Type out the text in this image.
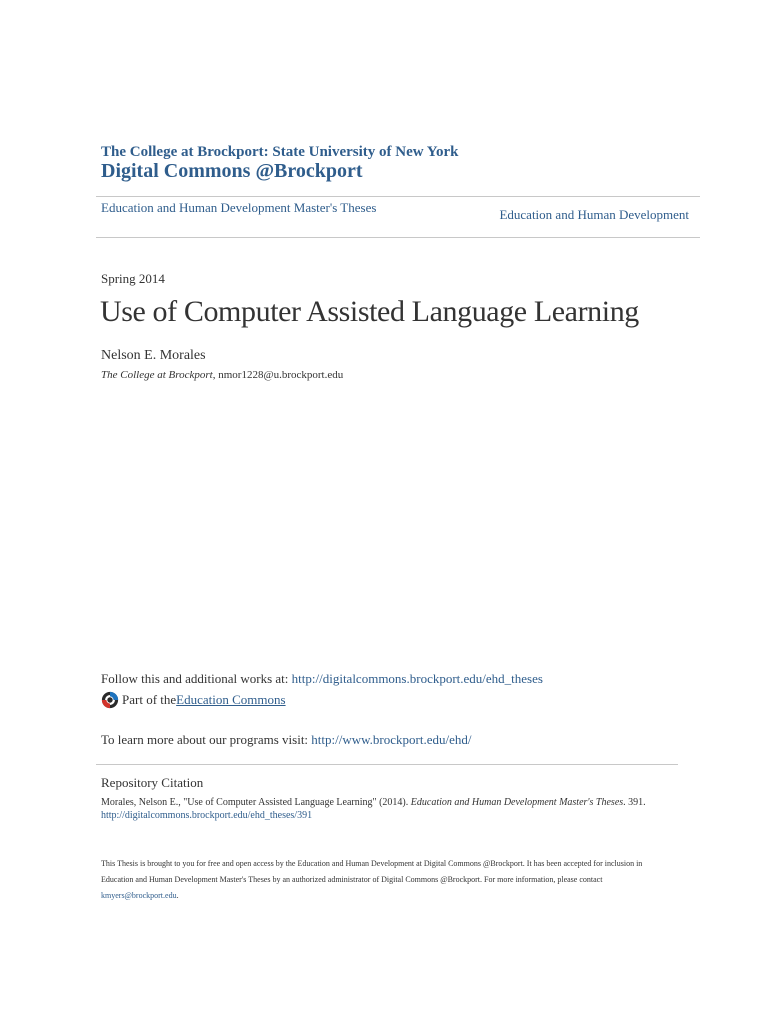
The College at Brockport: State University of New York
Digital Commons @Brockport
Education and Human Development Master's Theses	Education and Human Development
Spring 2014
Use of Computer Assisted Language Learning
Nelson E. Morales
The College at Brockport, nmor1228@u.brockport.edu
Follow this and additional works at: http://digitalcommons.brockport.edu/ehd_theses
Part of the Education Commons
To learn more about our programs visit: http://www.brockport.edu/ehd/
Repository Citation
Morales, Nelson E., "Use of Computer Assisted Language Learning" (2014). Education and Human Development Master's Theses. 391.
http://digitalcommons.brockport.edu/ehd_theses/391
This Thesis is brought to you for free and open access by the Education and Human Development at Digital Commons @Brockport. It has been accepted for inclusion in Education and Human Development Master's Theses by an authorized administrator of Digital Commons @Brockport. For more information, please contact kmyers@brockport.edu.
